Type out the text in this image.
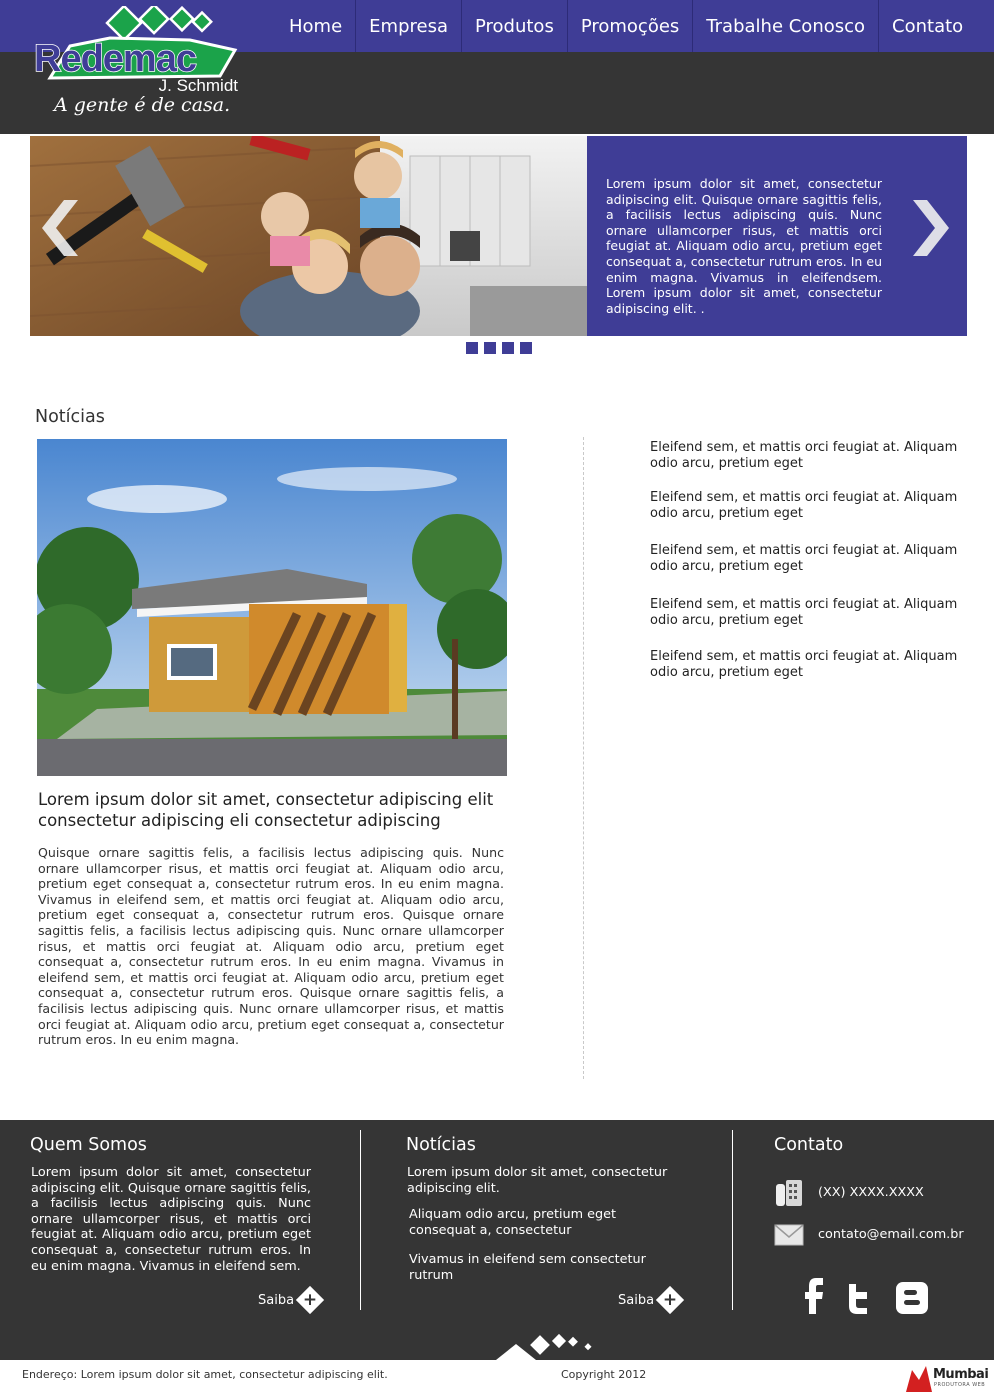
Redemac
J. Schmidt
A gente é de casa.
Home	Empresa	Produtos	Promoções	Trabalhe Conosco	Contato
Lorem ipsum dolor sit amet, consectetur adipiscing elit. Quisque ornare sagittis felis, a facilisis lectus adipiscing quis. Nunc ornare ullamcorper risus, et mattis orci feugiat at. Aliquam odio arcu, pretium eget consequat a, consectetur rutrum eros. In eu enim magna. Vivamus in eleifendsem. Lorem ipsum dolor sit amet, consectetur adipiscing elit. .
Notícias
Lorem ipsum dolor sit amet, consectetur adipiscing elit consectetur adipiscing eli consectetur adipiscing
Quisque ornare sagittis felis, a facilisis lectus adipiscing quis. Nunc ornare ullamcorper risus, et mattis orci feugiat at. Aliquam odio arcu, pretium eget consequat a, consectetur rutrum eros. In eu enim magna. Vivamus in eleifend sem, et mattis orci feugiat at. Aliquam odio arcu, pretium eget consequat a, consectetur rutrum eros. Quisque ornare sagittis felis, a facilisis lectus adipiscing quis. Nunc ornare ullamcorper risus, et mattis orci feugiat at. Aliquam odio arcu, pretium eget consequat a, consectetur rutrum eros. In eu enim magna. Vivamus in eleifend sem, et mattis orci feugiat at. Aliquam odio arcu, pretium eget consequat a, consectetur rutrum eros. Quisque ornare sagittis felis, a facilisis lectus adipiscing quis. Nunc ornare ullamcorper risus, et mattis orci feugiat at. Aliquam odio arcu, pretium eget consequat a, consectetur rutrum eros. In eu enim magna.
Eleifend sem, et mattis orci feugiat at. Aliquam odio arcu, pretium eget
Eleifend sem, et mattis orci feugiat at. Aliquam odio arcu, pretium eget
Eleifend sem, et mattis orci feugiat at. Aliquam odio arcu, pretium eget
Eleifend sem, et mattis orci feugiat at. Aliquam odio arcu, pretium eget
Eleifend sem, et mattis orci feugiat at. Aliquam odio arcu, pretium eget
Quem Somos
Lorem ipsum dolor sit amet, consectetur adipiscing elit. Quisque ornare sagittis felis, a facilisis lectus adipiscing quis. Nunc ornare ullamcorper risus, et mattis orci feugiat at. Aliquam odio arcu, pretium eget consequat a, consectetur rutrum eros. In eu enim magna. Vivamus in eleifend sem.
Saiba +
Notícias
Lorem ipsum dolor sit amet, consectetur adipiscing elit.
Aliquam odio arcu, pretium eget consequat a, consectetur
Vivamus in eleifend sem consectetur rutrum
Saiba +
Contato
(XX) XXXX.XXXX
contato@email.com.br
Endereço: Lorem ipsum dolor sit amet, consectetur adipiscing elit.	Copyright 2012	Mumbai
PRODUTORA WEB
